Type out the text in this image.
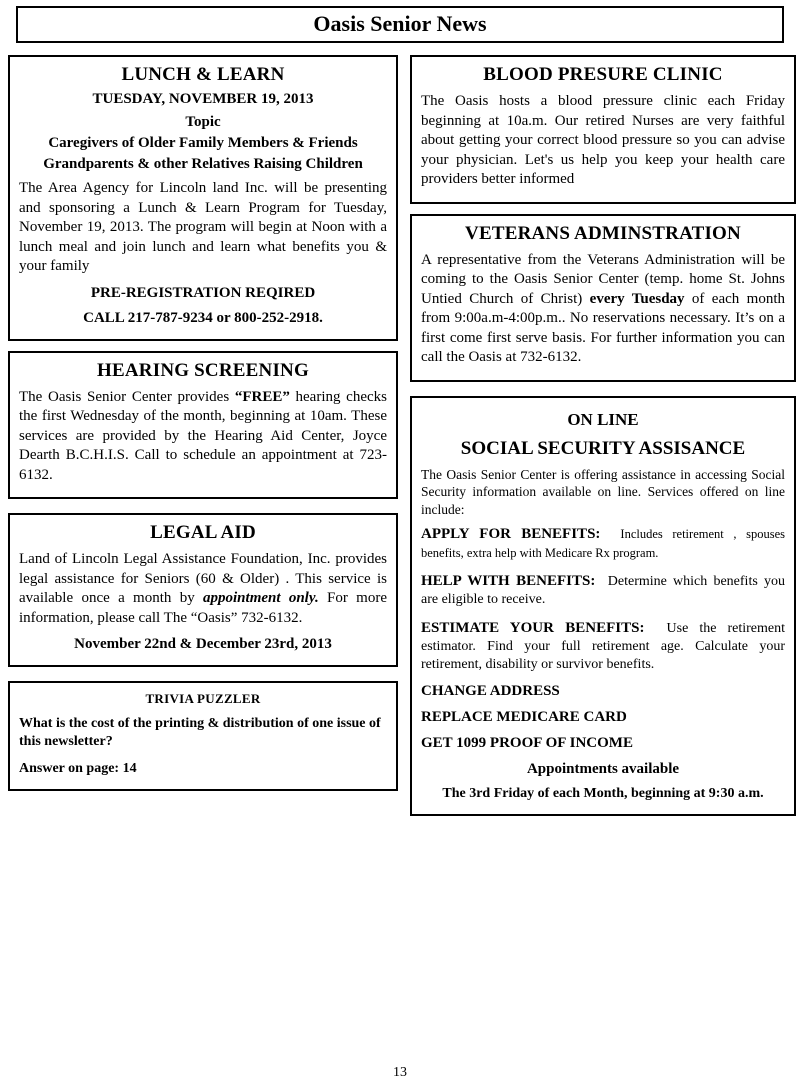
Oasis Senior News
LUNCH & LEARN
TUESDAY, NOVEMBER 19, 2013
Topic
Caregivers of Older Family Members & Friends
Grandparents & other Relatives Raising Children

The Area Agency for Lincoln land Inc. will be presenting and sponsoring a Lunch & Learn Program for Tuesday, November 19, 2013. The program will begin at Noon with a lunch meal and join lunch and learn what benefits you & your family

PRE-REGISTRATION REQIRED
CALL 217-787-9234 or 800-252-2918.
HEARING SCREENING

The Oasis Senior Center provides “FREE” hearing checks the first Wednesday of the month, beginning at 10am. These services are provided by the Hearing Aid Center, Joyce Dearth B.C.H.I.S. Call to schedule an appointment at 723-6132.

LEGAL AID

Land of Lincoln Legal Assistance Foundation, Inc. provides legal assistance for Seniors (60 & Older) . This service is available once a month by appointment only. For more information, please call The “Oasis” 732-6132.

November 22nd & December 23rd, 2013
TRIVIA PUZZLER

What is the cost of the printing & distribution of one issue of this newsletter?

Answer on page: 14

BLOOD PRESURE CLINIC

The Oasis hosts a blood pressure clinic each Friday beginning at 10a.m. Our retired Nurses are very faithful about getting your correct blood pressure so you can advise your physician. Let's us help you keep your health care providers better informed

VETERANS ADMINSTRATION

A representative from the Veterans Administration will be coming to the Oasis Senior Center (temp. home St. Johns Untied Church of Christ) every Tuesday of each month from 9:00a.m-4:00p.m.. No reservations necessary. It’s on a first come first serve basis. For further information you can call the Oasis at 732-6132.

ON LINE
SOCIAL SECURITY ASSISANCE

The Oasis Senior Center is offering assistance in accessing Social Security information available on line. Services offered on line include:

APPLY FOR BENEFITS: Includes retirement , spouses benefits, extra help with Medicare Rx program.

HELP WITH BENEFITS: Determine which benefits you are eligible to receive.

ESTIMATE YOUR BENEFITS: Use the retirement estimator. Find your full retirement age. Calculate your retirement, disability or survivor benefits.

CHANGE ADDRESS

REPLACE MEDICARE CARD

GET 1099 PROOF OF INCOME

Appointments available
The 3rd Friday of each Month, beginning at 9:30 a.m.
13
